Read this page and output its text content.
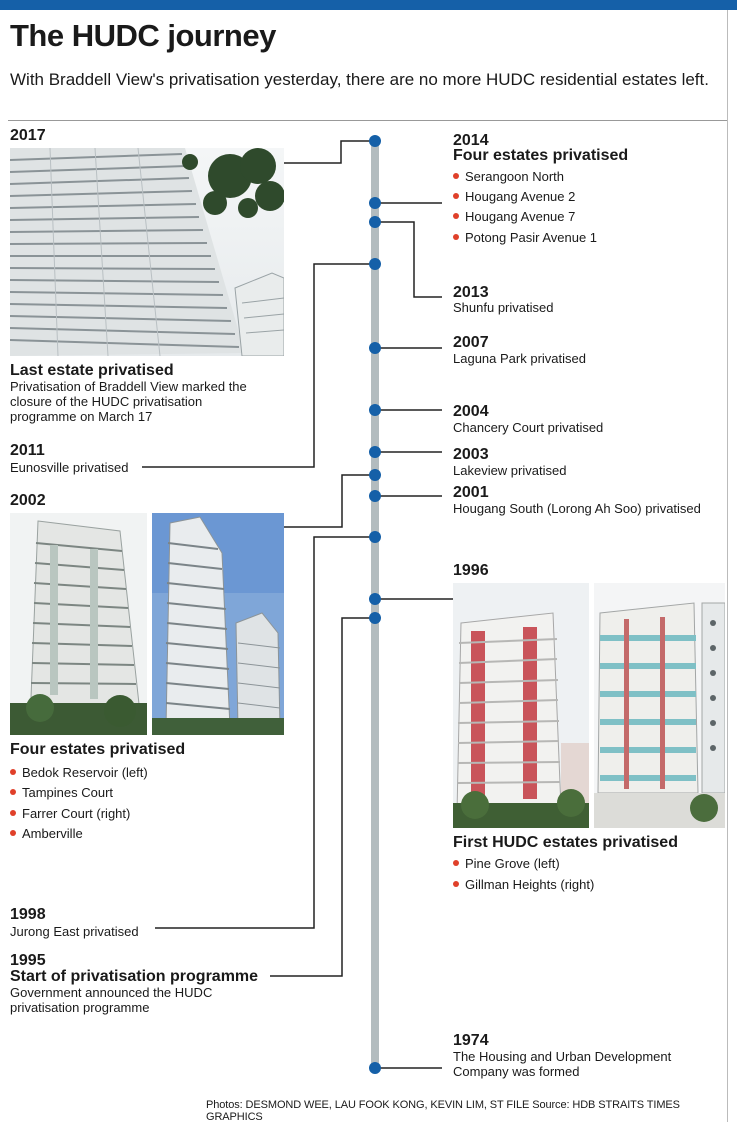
The HUDC journey

With Braddell View's privatisation yesterday, there are no more HUDC residential estates left.

2017
Last estate privatised
Privatisation of Braddell View marked the closure of the HUDC privatisation programme on March 17
2011
Eunosville privatised
2002
Four estates privatised
Bedok Reservoir (left)
Tampines Court
Farrer Court (right)
Amberville
1998
Jurong East privatised
1995
Start of privatisation programme
Government announced the HUDC privatisation programme
2014
Four estates privatised
Serangoon North
Hougang Avenue 2
Hougang Avenue 7
Potong Pasir Avenue 1
2013
Shunfu privatised
2007
Laguna Park privatised
2004
Chancery Court privatised
2003
Lakeview privatised
2001
Hougang South (Lorong Ah Soo) privatised
1996
First HUDC estates privatised
Pine Grove (left)
Gillman Heights (right)
1974
The Housing and Urban Development Company was formed
Photos: DESMOND WEE, LAU FOOK KONG, KEVIN LIM, ST FILE Source: HDB STRAITS TIMES GRAPHICS
